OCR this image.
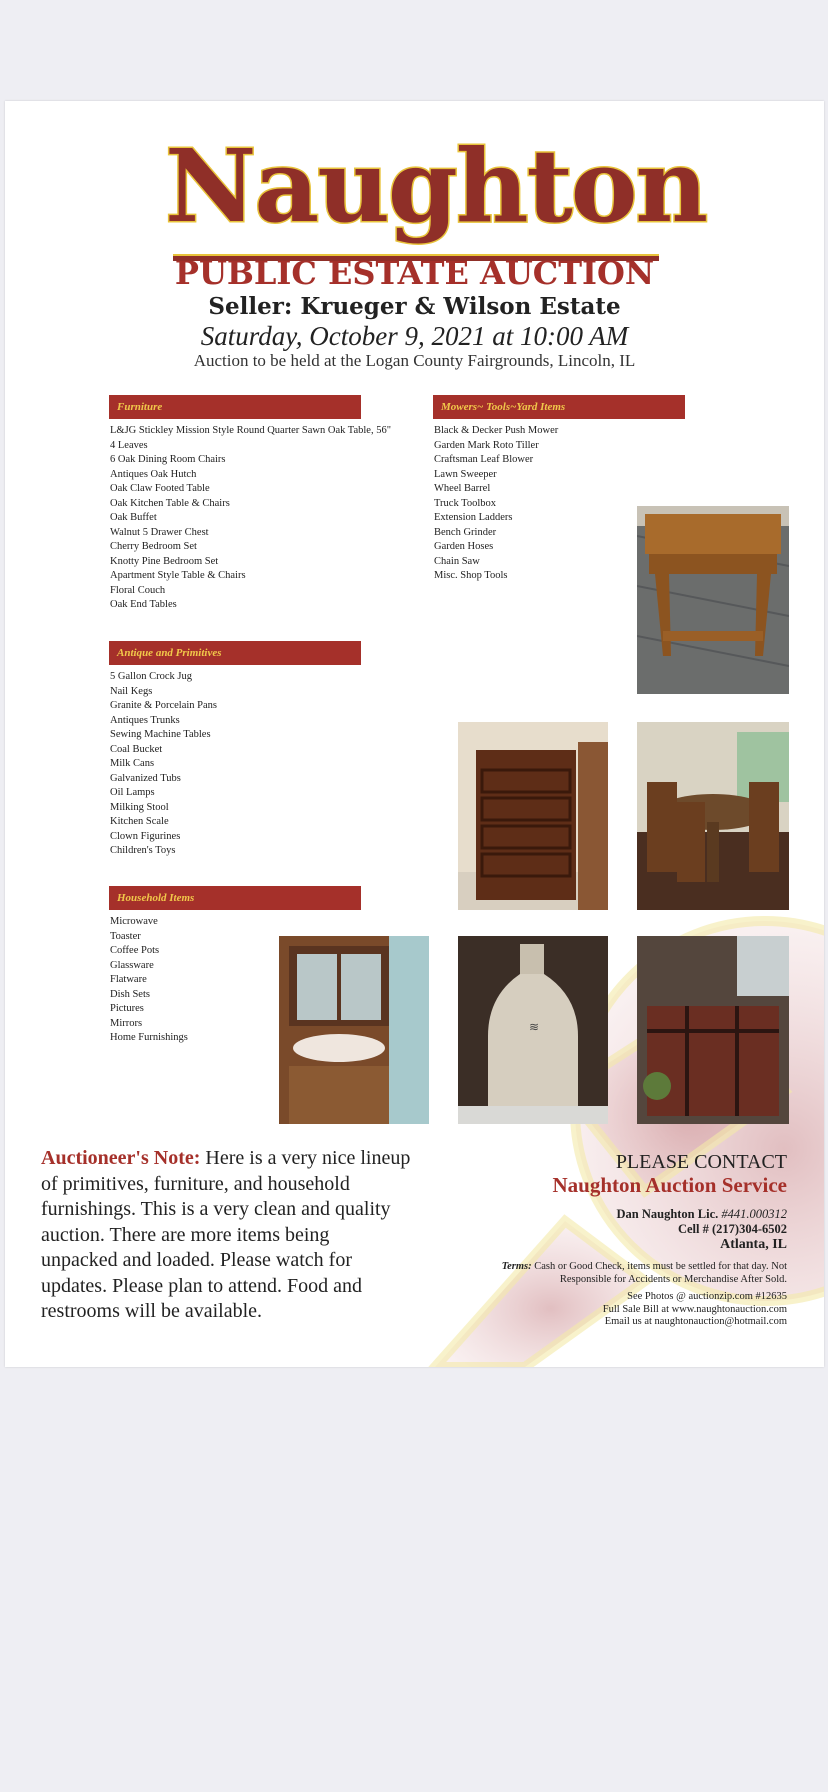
Naughton
PUBLIC ESTATE AUCTION
Seller: Krueger & Wilson Estate
Saturday, October 9, 2021 at 10:00 AM
Auction to be held at the Logan County Fairgrounds, Lincoln, IL
Furniture
L&JG Stickley Mission Style Round Quarter Sawn Oak Table, 56"
4 Leaves
6 Oak Dining Room Chairs
Antiques Oak Hutch
Oak Claw Footed Table
Oak Kitchen Table & Chairs
Oak Buffet
Walnut 5 Drawer Chest
Cherry Bedroom Set
Knotty Pine Bedroom Set
Apartment Style Table & Chairs
Floral Couch
Oak End Tables
Mowers~ Tools~Yard Items
Black & Decker Push Mower
Garden Mark Roto Tiller
Craftsman Leaf Blower
Lawn Sweeper
Wheel Barrel
Truck Toolbox
Extension Ladders
Bench Grinder
Garden Hoses
Chain Saw
Misc. Shop Tools
Antique and Primitives
5 Gallon Crock Jug
Nail Kegs
Granite & Porcelain Pans
Antiques Trunks
Sewing Machine Tables
Coal Bucket
Milk Cans
Galvanized Tubs
Oil Lamps
Milking Stool
Kitchen Scale
Clown Figurines
Children's Toys
Household Items
Microwave
Toaster
Coffee Pots
Glassware
Flatware
Dish Sets
Pictures
Mirrors
Home Furnishings
≋
Auctioneer's Note: Here is a very nice lineup of primitives, furniture, and household furnishings. This is a very clean and quality auction. There are more items being unpacked and loaded. Please watch for updates. Please plan to attend. Food and restrooms will be available.
PLEASE CONTACT
Naughton Auction Service
Dan Naughton Lic. #441.000312
Cell # (217)304-6502
Atlanta, IL
Terms: Cash or Good Check, items must be settled for that day. Not Responsible for Accidents or Merchandise After Sold.
See Photos @ auctionzip.com #12635
Full Sale Bill at www.naughtonauction.com
Email us at naughtonauction@hotmail.com
